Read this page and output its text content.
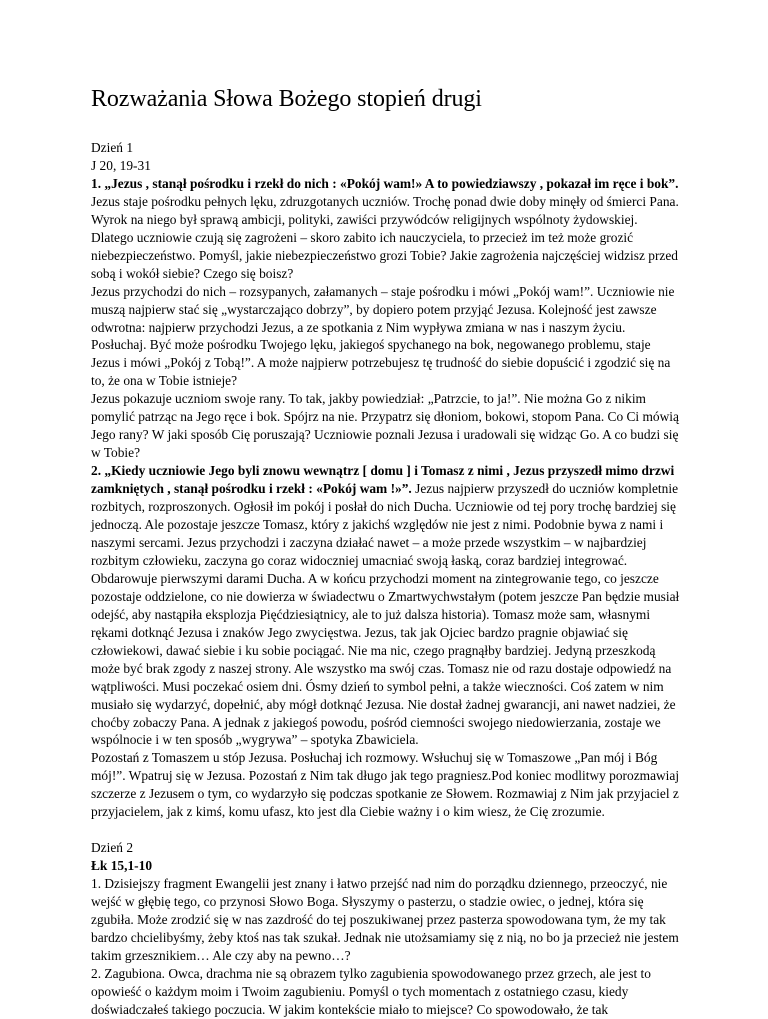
Rozważania Słowa Bożego stopień drugi

Dzień 1

J 20, 19-31

1. „Jezus , stanął pośrodku i rzekł do nich : «Pokój wam!» A to powiedziawszy , pokazał im ręce i bok”. Jezus staje pośrodku pełnych lęku, zdruzgotanych uczniów. Trochę ponad dwie doby minęły od śmierci Pana. Wyrok na niego był sprawą ambicji, polityki, zawiści przywódców religijnych wspólnoty żydowskiej. Dlatego uczniowie czują się zagrożeni – skoro zabito ich nauczyciela, to przecież im też może grozić niebezpieczeństwo. Pomyśl, jakie niebezpieczeństwo grozi Tobie? Jakie zagrożenia najczęściej widzisz przed sobą i wokół siebie? Czego się boisz?

Jezus przychodzi do nich – rozsypanych, załamanych – staje pośrodku i mówi „Pokój wam!”. Uczniowie nie muszą najpierw stać się „wystarczająco dobrzy”, by dopiero potem przyjąć Jezusa. Kolejność jest zawsze odwrotna: najpierw przychodzi Jezus, a ze spotkania z Nim wypływa zmiana w nas i naszym życiu. Posłuchaj. Być może pośrodku Twojego lęku, jakiegoś spychanego na bok, negowanego problemu, staje Jezus i mówi „Pokój z Tobą!”. A może najpierw potrzebujesz tę trudność do siebie dopuścić i zgodzić się na to, że ona w Tobie istnieje?

Jezus pokazuje uczniom swoje rany. To tak, jakby powiedział: „Patrzcie, to ja!”. Nie można Go z nikim pomylić patrząc na Jego ręce i bok. Spójrz na nie. Przypatrz się dłoniom, bokowi, stopom Pana. Co Ci mówią Jego rany? W jaki sposób Cię poruszają? Uczniowie poznali Jezusa i uradowali się widząc Go. A co budzi się w Tobie?

2. „Kiedy uczniowie Jego byli znowu wewnątrz [ domu ] i Tomasz z nimi , Jezus przyszedł mimo drzwi zamkniętych , stanął pośrodku i rzekł : «Pokój wam !»”. Jezus najpierw przyszedł do uczniów kompletnie rozbitych, rozproszonych. Ogłosił im pokój i posłał do nich Ducha. Uczniowie od tej pory trochę bardziej się jednoczą. Ale pozostaje jeszcze Tomasz, który z jakichś względów nie jest z nimi. Podobnie bywa z nami i naszymi sercami. Jezus przychodzi i zaczyna działać nawet – a może przede wszystkim – w najbardziej rozbitym człowieku, zaczyna go coraz widoczniej umacniać swoją łaską, coraz bardziej integrować. Obdarowuje pierwszymi darami Ducha. A w końcu przychodzi moment na zintegrowanie tego, co jeszcze pozostaje oddzielone, co nie dowierza w świadectwu o Zmartwychwstałym (potem jeszcze Pan będzie musiał odejść, aby nastąpiła eksplozja Pięćdziesiątnicy, ale to już dalsza historia). Tomasz może sam, własnymi rękami dotknąć Jezusa i znaków Jego zwycięstwa. Jezus, tak jak Ojciec bardzo pragnie objawiać się człowiekowi, dawać siebie i ku sobie pociągać. Nie ma nic, czego pragnąłby bardziej. Jedyną przeszkodą może być brak zgody z naszej strony. Ale wszystko ma swój czas. Tomasz nie od razu dostaje odpowiedź na wątpliwości. Musi poczekać osiem dni. Ósmy dzień to symbol pełni, a także wieczności. Coś zatem w nim musiało się wydarzyć, dopełnić, aby mógł dotknąć Jezusa. Nie dostał żadnej gwarancji, ani nawet nadziei, że choćby zobaczy Pana. A jednak z jakiegoś powodu, pośród ciemności swojego niedowierzania, zostaje we wspólnocie i w ten sposób „wygrywa” – spotyka Zbawiciela.

Pozostań z Tomaszem u stóp Jezusa. Posłuchaj ich rozmowy. Wsłuchuj się w Tomaszowe „Pan mój i Bóg mój!”. Wpatruj się w Jezusa. Pozostań z Nim tak długo jak tego pragniesz.Pod koniec modlitwy porozmawiaj szczerze z Jezusem o tym, co wydarzyło się podczas spotkanie ze Słowem. Rozmawiaj z Nim jak przyjaciel z przyjacielem, jak z kimś, komu ufasz, kto jest dla Ciebie ważny i o kim wiesz, że Cię zrozumie.

Dzień 2

Łk 15,1-10

1. Dzisiejszy fragment Ewangelii jest znany i łatwo przejść nad nim do porządku dziennego, przeoczyć, nie wejść w głębię tego, co przynosi Słowo Boga. Słyszymy o pasterzu, o stadzie owiec, o jednej, która się zgubiła. Może zrodzić się w nas zazdrość do tej poszukiwanej przez pasterza spowodowana tym, że my tak bardzo chcielibyśmy, żeby ktoś nas tak szukał. Jednak nie utożsamiamy się z nią, no bo ja przecież nie jestem takim grzesznikiem… Ale czy aby na pewno…?

2. Zagubiona. Owca, drachma nie są obrazem tylko zagubienia spowodowanego przez grzech, ale jest to opowieść o każdym moim i Twoim zagubieniu. Pomyśl o tych momentach z ostatniego czasu, kiedy doświadczałeś takiego poczucia. W jakim kontekście miało to miejsce? Co spowodowało, że tak
